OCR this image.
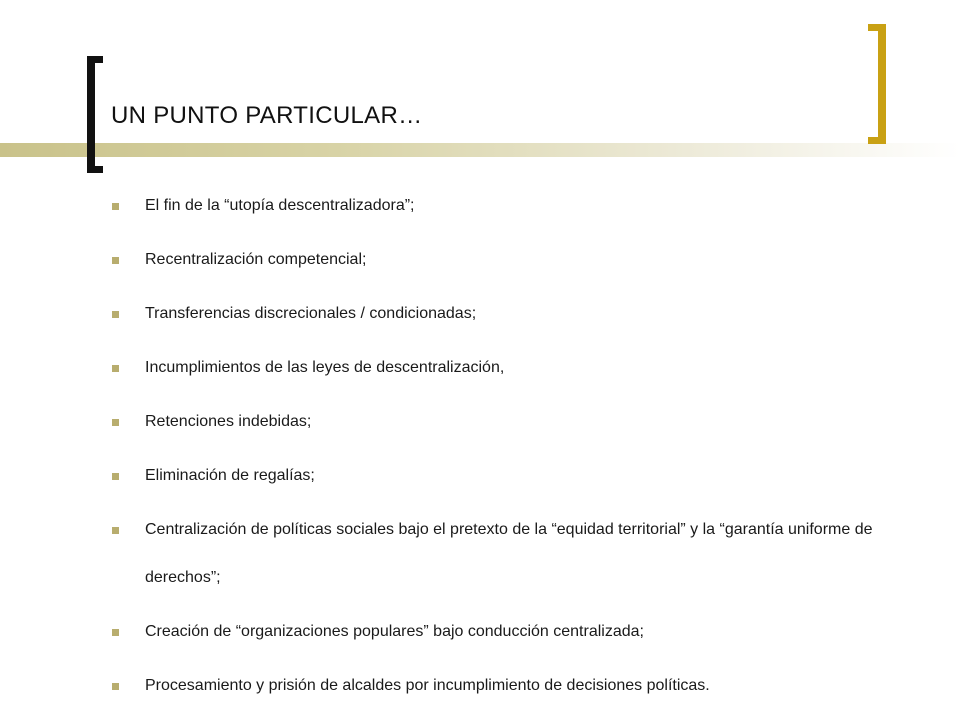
UN PUNTO PARTICULAR…
El fin de la “utopía descentralizadora”;
Recentralización competencial;
Transferencias discrecionales / condicionadas;
Incumplimientos de las leyes de descentralización,
Retenciones indebidas;
Eliminación de regalías;
Centralización de políticas sociales bajo el pretexto de la “equidad territorial” y la “garantía uniforme de derechos”;
Creación de “organizaciones populares” bajo conducción centralizada;
Procesamiento y prisión de alcaldes por incumplimiento de decisiones políticas.
